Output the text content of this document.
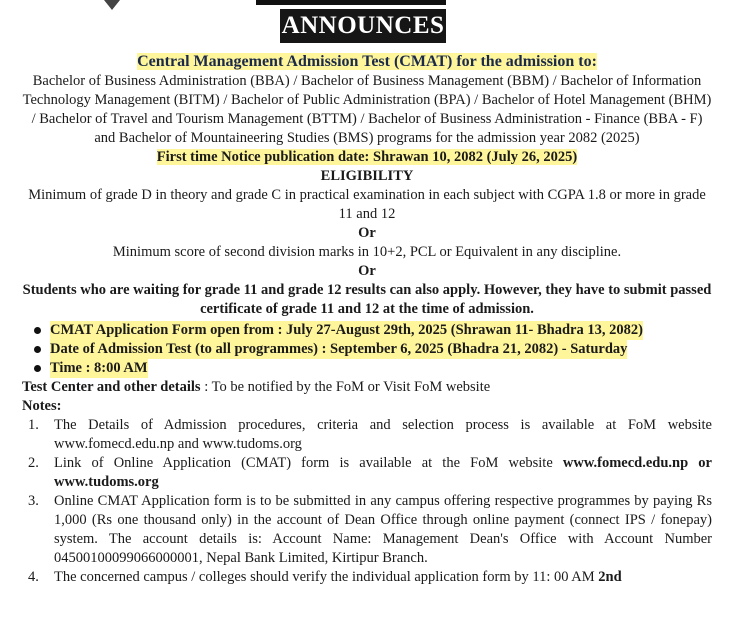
ANNOUNCES

Central Management Admission Test (CMAT) for the admission to:

Bachelor of Business Administration (BBA) / Bachelor of Business Management (BBM) / Bachelor of Information Technology Management (BITM) / Bachelor of Public Administration (BPA) / Bachelor of Hotel Management (BHM) / Bachelor of Travel and Tourism Management (BTTM) / Bachelor of Business Administration - Finance (BBA - F) and Bachelor of Mountaineering Studies (BMS) programs for the admission year 2082 (2025)

First time Notice publication date: Shrawan 10, 2082 (July 26, 2025)

ELIGIBILITY

Minimum of grade D in theory and grade C in practical examination in each subject with CGPA 1.8 or more in grade 11 and 12

Or

Minimum score of second division marks in 10+2, PCL or Equivalent in any discipline.

Or

Students who are waiting for grade 11 and grade 12 results can also apply. However, they have to submit passed certificate of grade 11 and 12 at the time of admission.

CMAT Application Form open from : July 27-August 29th, 2025 (Shrawan 11- Bhadra 13, 2082)
Date of Admission Test (to all programmes) : September 6, 2025 (Bhadra 21, 2082) - Saturday
Time : 8:00 AM

Test Center and other details : To be notified by the FoM or Visit FoM website

Notes:

1.	The Details of Admission procedures, criteria and selection process is available at FoM website www.fomecd.edu.np and www.tudoms.org
2.	Link of Online Application (CMAT) form is available at the FoM website www.fomecd.edu.np or www.tudoms.org
3.	Online CMAT Application form is to be submitted in any campus offering respective programmes by paying Rs 1,000 (Rs one thousand only) in the account of Dean Office through online payment (connect IPS / fonepay) system. The account details is: Account Name: Management Dean's Office with Account Number 04500100099066000001, Nepal Bank Limited, Kirtipur Branch.
4.	The concerned campus / colleges should verify the individual application form by 11: 00 AM 2nd
